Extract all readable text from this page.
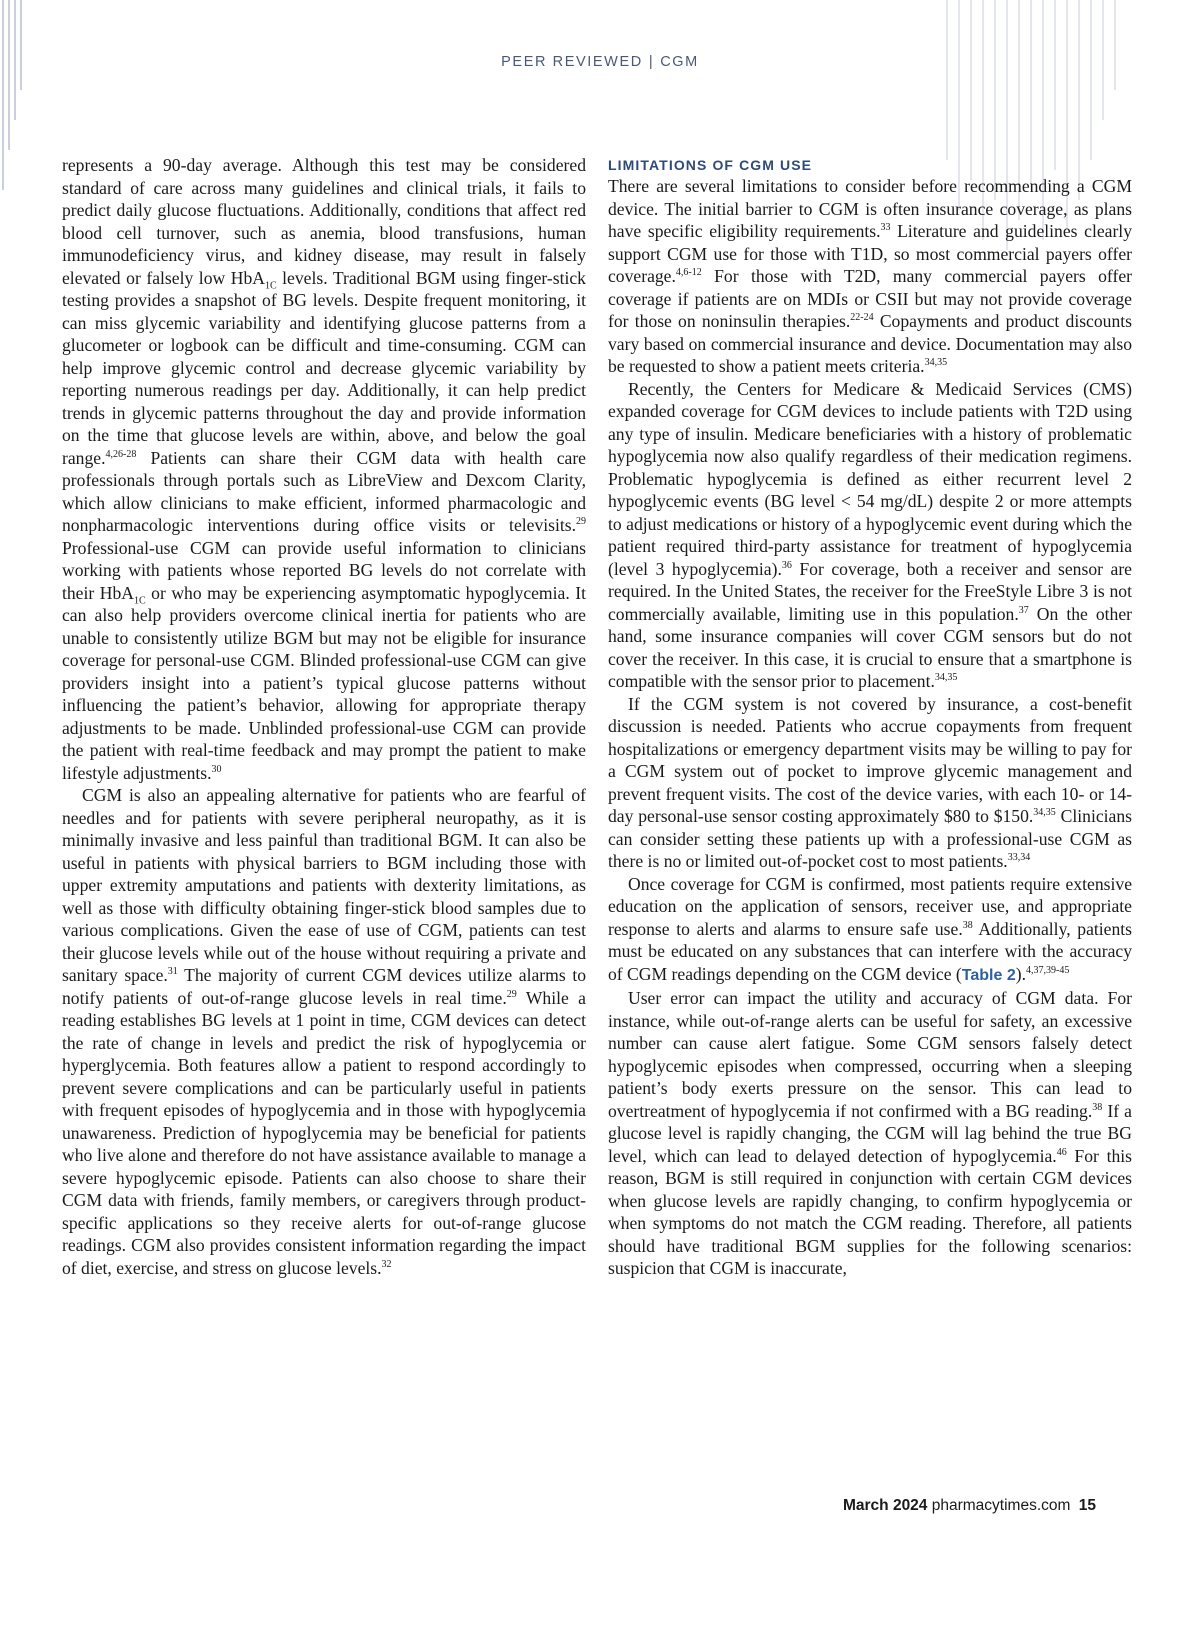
PEER REVIEWED | CGM

represents a 90-day average. Although this test may be considered standard of care across many guidelines and clinical trials, it fails to predict daily glucose fluctuations. Additionally, conditions that affect red blood cell turnover, such as anemia, blood transfusions, human immunodeficiency virus, and kidney disease, may result in falsely elevated or falsely low HbA$_{1C}$ levels. Traditional BGM using finger-stick testing provides a snapshot of BG levels. Despite frequent monitoring, it can miss glycemic variability and identifying glucose patterns from a glucometer or logbook can be difficult and time-consuming. CGM can help improve glycemic control and decrease glycemic variability by reporting numerous readings per day. Additionally, it can help predict trends in glycemic patterns throughout the day and provide information on the time that glucose levels are within, above, and below the goal range.$^{4,26-28}$ Patients can share their CGM data with health care professionals through portals such as LibreView and Dexcom Clarity, which allow clinicians to make efficient, informed pharmacologic and nonpharmacologic interventions during office visits or televisits.$^{29}$ Professional-use CGM can provide useful information to clinicians working with patients whose reported BG levels do not correlate with their HbA$_{1C}$ or who may be experiencing asymptomatic hypoglycemia. It can also help providers overcome clinical inertia for patients who are unable to consistently utilize BGM but may not be eligible for insurance coverage for personal-use CGM. Blinded professional-use CGM can give providers insight into a patient’s typical glucose patterns without influencing the patient’s behavior, allowing for appropriate therapy adjustments to be made. Unblinded professional-use CGM can provide the patient with real-time feedback and may prompt the patient to make lifestyle adjustments.$^{30}$

CGM is also an appealing alternative for patients who are fearful of needles and for patients with severe peripheral neuropathy, as it is minimally invasive and less painful than traditional BGM. It can also be useful in patients with physical barriers to BGM including those with upper extremity amputations and patients with dexterity limitations, as well as those with difficulty obtaining finger-stick blood samples due to various complications. Given the ease of use of CGM, patients can test their glucose levels while out of the house without requiring a private and sanitary space.$^{31}$ The majority of current CGM devices utilize alarms to notify patients of out-of-range glucose levels in real time.$^{29}$ While a reading establishes BG levels at 1 point in time, CGM devices can detect the rate of change in levels and predict the risk of hypoglycemia or hyperglycemia. Both features allow a patient to respond accordingly to prevent severe complications and can be particularly useful in patients with frequent episodes of hypoglycemia and in those with hypoglycemia unawareness. Prediction of hypoglycemia may be beneficial for patients who live alone and therefore do not have assistance available to manage a severe hypoglycemic episode. Patients can also choose to share their CGM data with friends, family members, or caregivers through product-specific applications so they receive alerts for out-of-range glucose readings. CGM also provides consistent information regarding the impact of diet, exercise, and stress on glucose levels.$^{32}$

LIMITATIONS OF CGM USE

There are several limitations to consider before recommending a CGM device. The initial barrier to CGM is often insurance coverage, as plans have specific eligibility requirements.$^{33}$ Literature and guidelines clearly support CGM use for those with T1D, so most commercial payers offer coverage.$^{4,6-12}$ For those with T2D, many commercial payers offer coverage if patients are on MDIs or CSII but may not provide coverage for those on noninsulin therapies.$^{22-24}$ Copayments and product discounts vary based on commercial insurance and device. Documentation may also be requested to show a patient meets criteria.$^{34,35}$

Recently, the Centers for Medicare & Medicaid Services (CMS) expanded coverage for CGM devices to include patients with T2D using any type of insulin. Medicare beneficiaries with a history of problematic hypoglycemia now also qualify regardless of their medication regimens. Problematic hypoglycemia is defined as either recurrent level 2 hypoglycemic events (BG level < 54 mg/dL) despite 2 or more attempts to adjust medications or history of a hypoglycemic event during which the patient required third-party assistance for treatment of hypoglycemia (level 3 hypoglycemia).$^{36}$ For coverage, both a receiver and sensor are required. In the United States, the receiver for the FreeStyle Libre 3 is not commercially available, limiting use in this population.$^{37}$ On the other hand, some insurance companies will cover CGM sensors but do not cover the receiver. In this case, it is crucial to ensure that a smartphone is compatible with the sensor prior to placement.$^{34,35}$

If the CGM system is not covered by insurance, a cost-benefit discussion is needed. Patients who accrue copayments from frequent hospitalizations or emergency department visits may be willing to pay for a CGM system out of pocket to improve glycemic management and prevent frequent visits. The cost of the device varies, with each 10- or 14-day personal-use sensor costing approximately $80 to $150.$^{34,35}$ Clinicians can consider setting these patients up with a professional-use CGM as there is no or limited out-of-pocket cost to most patients.$^{33,34}$

Once coverage for CGM is confirmed, most patients require extensive education on the application of sensors, receiver use, and appropriate response to alerts and alarms to ensure safe use.$^{38}$ Additionally, patients must be educated on any substances that can interfere with the accuracy of CGM readings depending on the CGM device (Table 2).$^{4,37,39-45}$

User error can impact the utility and accuracy of CGM data. For instance, while out-of-range alerts can be useful for safety, an excessive number can cause alert fatigue. Some CGM sensors falsely detect hypoglycemic episodes when compressed, occurring when a sleeping patient’s body exerts pressure on the sensor. This can lead to overtreatment of hypoglycemia if not confirmed with a BG reading.$^{38}$ If a glucose level is rapidly changing, the CGM will lag behind the true BG level, which can lead to delayed detection of hypoglycemia.$^{46}$ For this reason, BGM is still required in conjunction with certain CGM devices when glucose levels are rapidly changing, to confirm hypoglycemia or when symptoms do not match the CGM reading. Therefore, all patients should have traditional BGM supplies for the following scenarios: suspicion that CGM is inaccurate,

March 2024 pharmacytimes.com 15
